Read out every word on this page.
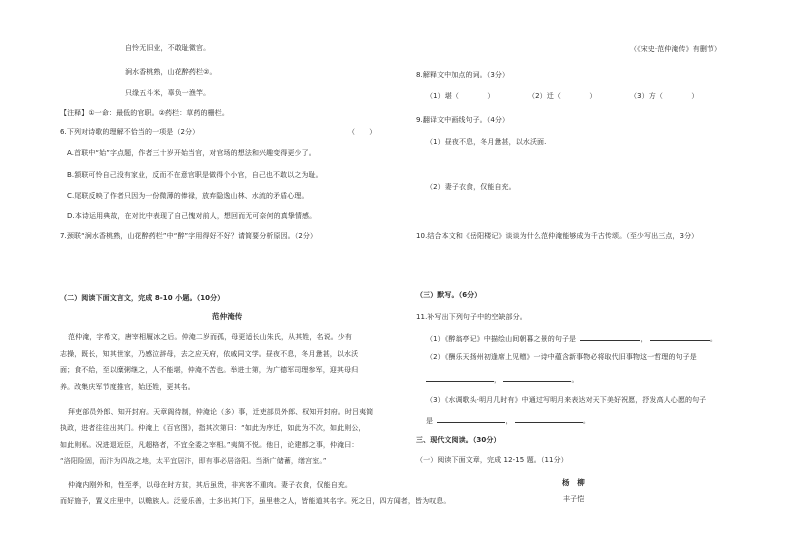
自怜无旧业，不敢耻微官。
涧水香桃熟，山花醉药栏②。
只缘五斗米，辜负一渔竿。
【注释】①一命：最低的官职。②药栏：草药的栅栏。
6.下列对诗歌的理解不恰当的一项是（2分）	（　　）
A.首联中“始”字点题，作者三十岁开始当官，对官场的想法和兴趣变得更少了。
B.颔联可怜自己没有家业，反而不在意官职是做得个小官，自己也不敢以之为耻。
C.尾联反映了作者只因为一份微薄的俸禄，放弃隐逸山林、水流的矛盾心理。
D.本诗运用典故，在对比中表现了自己愧对前人，想回而无可奈何的真挚情感。
7.颈联“涧水香桃熟，山花醉药栏”中“醉”字用得好不好？请简要分析原因。（2分）
（二）阅读下面文言文，完成 8-10 小题。（10分）
范仲淹传
范仲淹，字希文，唐宰相履冰之后。仲淹二岁而孤，母更适长山朱氏，从其姓，名说。少有
志操，既长，知其世家，乃感泣辞母，去之应天府，依戚同文学。昼夜不息，冬月惫甚，以水沃
面；食不给，至以糜粥继之，人不能堪，仲淹不苦也。举进士第，为广德军司理参军，迎其母归
养。改集庆军节度推官，始还姓，更其名。
拜吏部员外郎、知开封府。天章阁待制，仲淹论（多）事，迁吏部员外郎、权知开封府。时吕夷简
执政，进者往往出其门。仲淹上《百官图》，指其次第曰：“如此为序迁，如此为不次，如此则公，
如此则私。况进退近臣，凡超格者，不宜全委之宰相。”夷简不悦。他日，论建都之事，仲淹曰：
“洛阳险固，而汴为四战之地，太平宜居汴，即有事必居洛阳。当渐广储蓄，缮宫室。”
仲淹内刚外和，性至孝，以母在时方贫，其后虽贵，非宾客不重肉。妻子衣食，仅能自充。
而好施予，置义庄里中，以赡族人。泛爱乐善，士多出其门下，虽里巷之人，皆能道其名字。死之日，四方闻者，皆为叹息。
（《宋史·范仲淹传》有删节）
8.解释文中加点的词。（3分）
（1）堪（　　　　）	（2）迁（　　　　）	（3）方（　　　　）
9.翻译文中画线句子。（4分）
（1）昼夜不息，冬月惫甚，以水沃面.
（2）妻子衣食，仅能自充。
10.结合本文和《岳阳楼记》谈谈为什么范仲淹能够成为千古传颂。（至少写出三点，3分）
（三）默写。（6分）
11.补写出下列句子中的空缺部分。
（1）《醉翁亭记》中描绘山间朝暮之景的句子是	，	。
（2）《酬乐天扬州初逢席上见赠》一诗中蕴含新事物必将取代旧事物这一哲理的句子是
，	。
（3）《水调歌头·明月几时有》中通过写明月来表达对天下美好祝愿，抒发高人心愿的句子
是	，	。
三、现代文阅读。（30分）
（一）阅读下面文章，完成 12-15 题。（11分）
杨　柳
丰子恺
